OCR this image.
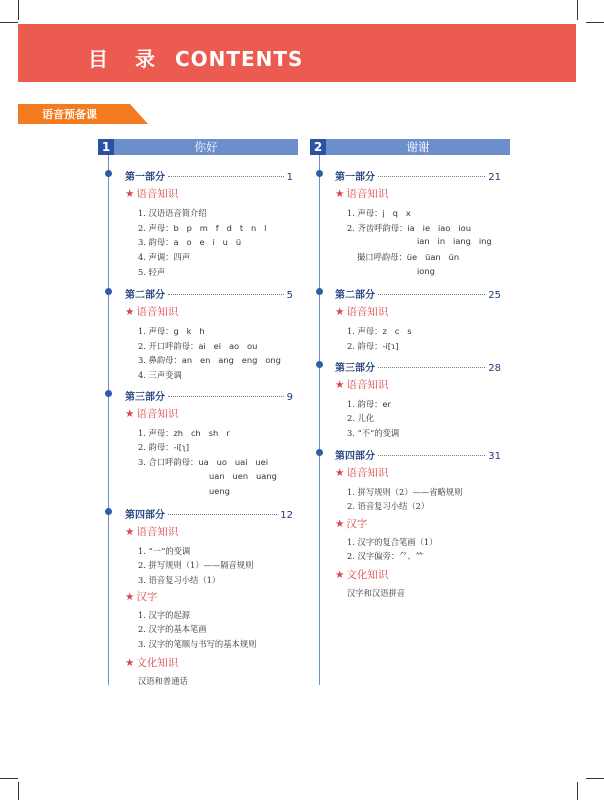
目 录 CONTENTS
语音预备课
1	你好
第一部分	1
★ 语音知识
1. 汉语语音简介绍
2. 声母：b   p   m   f   d   t   n   l
3. 韵母：a   o   e   i   u   ü
4. 声调：四声
5. 轻声
第二部分	5
★ 语音知识
1. 声母：g   k   h
2. 开口呼韵母：ai   ei   ao   ou
3. 鼻韵母：an   en   ang   eng   ong
4. 三声变调
第三部分	9
★ 语音知识
1. 声母：zh   ch   sh   r
2. 韵母：-i[ʅ]
3. 合口呼韵母：ua   uo   uai   uei
uan   uen   uang
ueng
第四部分	12
★ 语音知识
1. “一”的变调
2. 拼写规则（1）——隔音规则
3. 语音复习小结（1）
★ 汉字
1. 汉字的起源
2. 汉字的基本笔画
3. 汉字的笔顺与书写的基本规则
★ 文化知识
汉语和普通话
2	谢谢
第一部分	21
★ 语音知识
1. 声母：j   q   x
2. 齐齿呼韵母：ia   ie   iao   iou
ian   in   iang   ing
撮口呼韵母：üe   üan   ün
iong
第二部分	25
★ 语音知识
1. 声母：z   c   s
2. 韵母：-i[ɿ]
第三部分	28
★ 语音知识
1. 韵母：er
2. 儿化
3. “不”的变调
第四部分	31
★ 语音知识
1. 拼写规则（2）——省略规则
2. 语音复习小结（2）
★ 汉字
1. 汉字的复合笔画（1）
2. 汉字偏旁：⺈、⺮
★ 文化知识
汉字和汉语拼音
